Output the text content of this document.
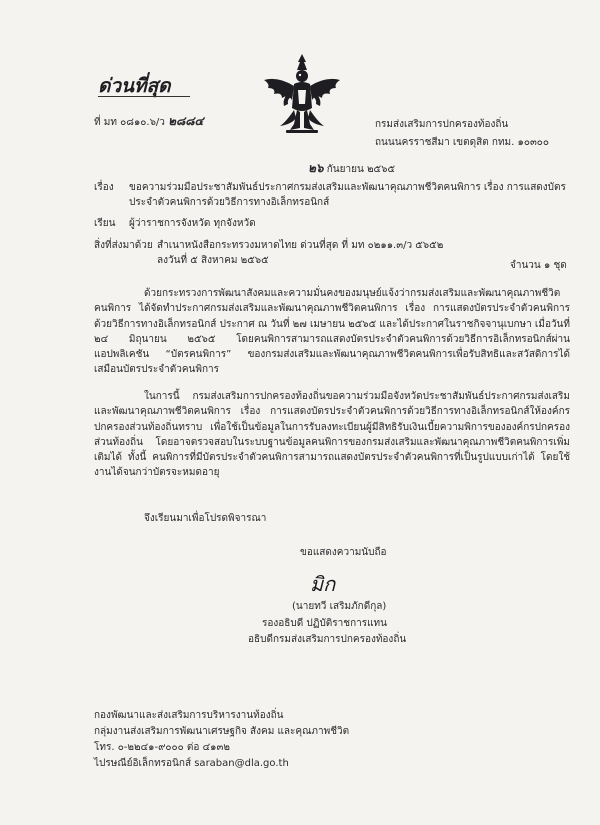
ด่วนที่สุด
ที่ มท ๐๘๑๐.๖/ว ๒๘๘๔	กรมส่งเสริมการปกครองท้องถิ่น
ถนนนครราชสีมา เขตดุสิต กทม. ๑๐๓๐๐
๒๖ กันยายน ๒๕๖๕
เรื่อง ขอความร่วมมือประชาสัมพันธ์ประกาศกรมส่งเสริมและพัฒนาคุณภาพชีวิตคนพิการ เรื่อง การแสดงบัตร
ประจำตัวคนพิการด้วยวิธีการทางอิเล็กทรอนิกส์
เรียน ผู้ว่าราชการจังหวัด ทุกจังหวัด
สิ่งที่ส่งมาด้วย สำเนาหนังสือกระทรวงมหาดไทย ด่วนที่สุด ที่ มท ๐๒๑๑.๓/ว ๕๖๕๒
ลงวันที่ ๕ สิงหาคม ๒๕๖๕	จำนวน ๑ ชุด
ด้วยกระทรวงการพัฒนาสังคมและความมั่นคงของมนุษย์แจ้งว่ากรมส่งเสริมและพัฒนาคุณภาพชีวิตคนพิการ ได้จัดทำประกาศกรมส่งเสริมและพัฒนาคุณภาพชีวิตคนพิการ เรื่อง การแสดงบัตรประจำตัวคนพิการด้วยวิธีการทางอิเล็กทรอนิกส์ ประกาศ ณ วันที่ ๒๗ เมษายน ๒๕๖๕ และได้ประกาศในราชกิจจานุเบกษา เมื่อวันที่ ๒๔ มิถุนายน ๒๕๖๕ โดยคนพิการสามารถแสดงบัตรประจำตัวคนพิการด้วยวิธีการอิเล็กทรอนิกส์ผ่านแอปพลิเคชัน “บัตรคนพิการ” ของกรมส่งเสริมและพัฒนาคุณภาพชีวิตคนพิการเพื่อรับสิทธิและสวัสดิการได้เสมือนบัตรประจำตัวคนพิการ
ในการนี้ กรมส่งเสริมการปกครองท้องถิ่นขอความร่วมมือจังหวัดประชาสัมพันธ์ประกาศกรมส่งเสริมและพัฒนาคุณภาพชีวิตคนพิการ เรื่อง การแสดงบัตรประจำตัวคนพิการด้วยวิธีการทางอิเล็กทรอนิกส์ให้องค์กรปกครองส่วนท้องถิ่นทราบ เพื่อใช้เป็นข้อมูลในการรับลงทะเบียนผู้มีสิทธิรับเงินเบี้ยความพิการขององค์กรปกครองส่วนท้องถิ่น โดยอาจตรวจสอบในระบบฐานข้อมูลคนพิการของกรมส่งเสริมและพัฒนาคุณภาพชีวิตคนพิการเพิ่มเติมได้ ทั้งนี้ คนพิการที่มีบัตรประจำตัวคนพิการสามารถแสดงบัตรประจำตัวคนพิการที่เป็นรูปแบบเก่าได้ โดยใช้งานได้จนกว่าบัตรจะหมดอายุ
จึงเรียนมาเพื่อโปรดพิจารณา
ขอแสดงความนับถือ
มิก
(นายทวี เสริมภักดีกุล)
รองอธิบดี ปฏิบัติราชการแทน
อธิบดีกรมส่งเสริมการปกครองท้องถิ่น
กองพัฒนาและส่งเสริมการบริหารงานท้องถิ่น
กลุ่มงานส่งเสริมการพัฒนาเศรษฐกิจ สังคม และคุณภาพชีวิต
โทร. ๐-๒๒๔๑-๙๐๐๐ ต่อ ๔๑๓๒
ไปรษณีย์อิเล็กทรอนิกส์ saraban@dla.go.th
